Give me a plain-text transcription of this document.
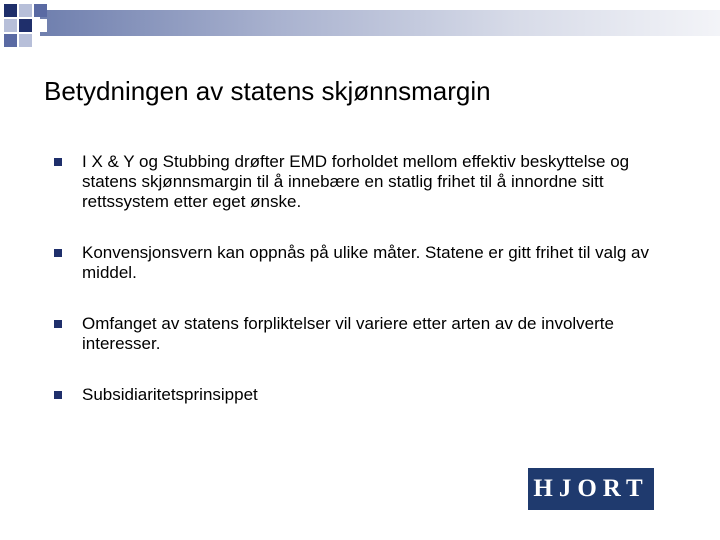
Betydningen av statens skjønnsmargin
I X & Y og Stubbing drøfter EMD forholdet mellom effektiv beskyttelse og statens skjønnsmargin til å innebære en statlig frihet til å innordne sitt rettssystem etter eget ønske.
Konvensjonsvern kan oppnås på ulike måter. Statene er gitt frihet til valg av middel.
Omfanget av statens forpliktelser vil variere etter arten av de involverte interesser.
Subsidiaritetsprinsippet
HJORT
